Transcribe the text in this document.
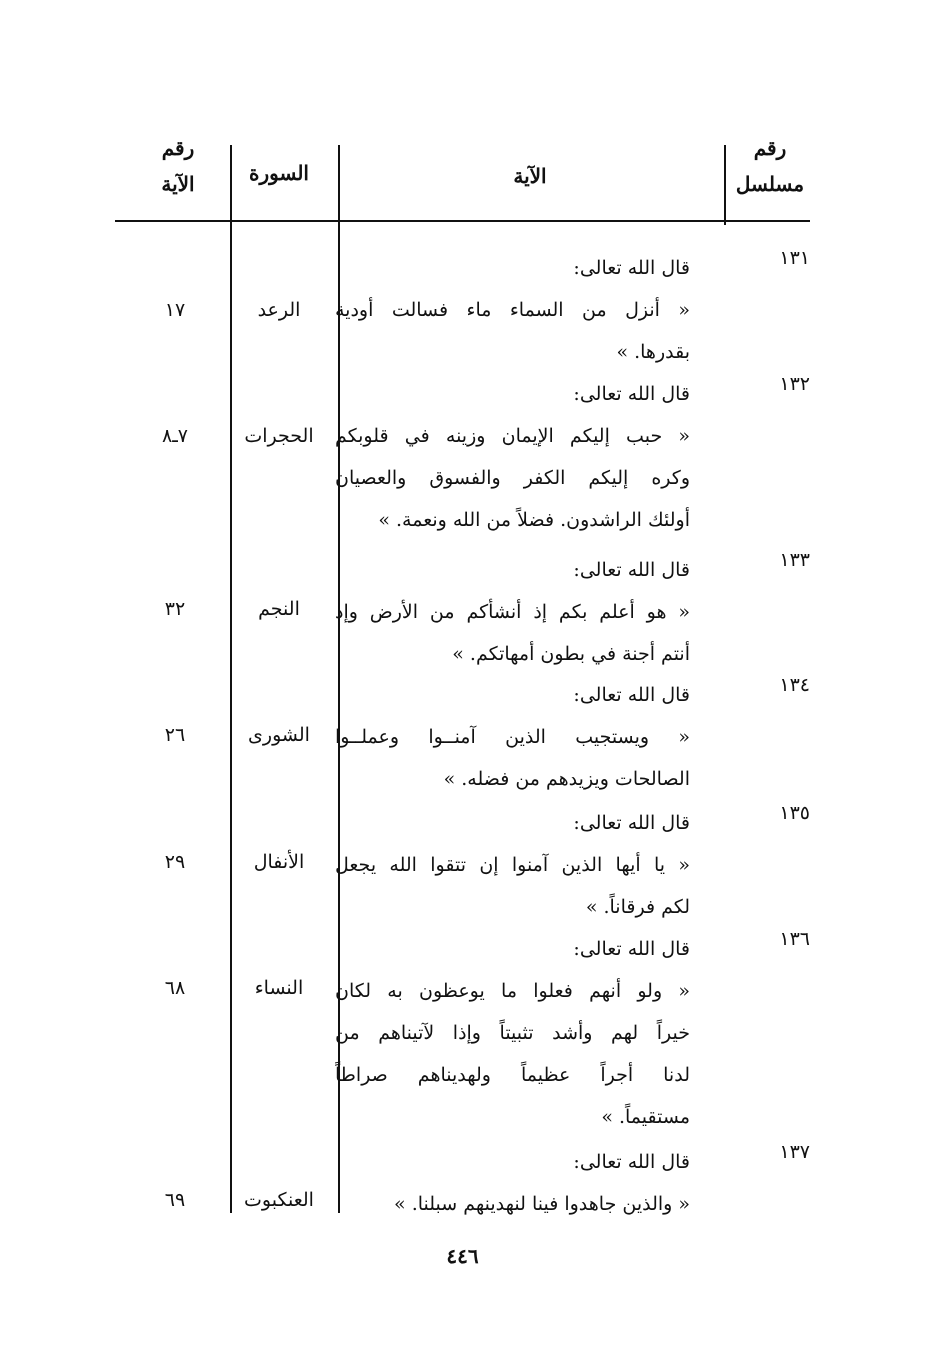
رقم
مسلسل
الآية
السورة
رقم
الآية
١٣١
قال الله تعالى:
« أنزل من السماء ماء فسالت أودية
بقدرها. »
الرعد
١٧
١٣٢
قال الله تعالى:
« حبب إليكم الإيمان وزينه في قلوبكم
وكره إليكم الكفر والفسوق والعصيان
أولئك الراشدون. فضلاً من الله ونعمة. »
الحجرات
٧ـ٨
١٣٣
قال الله تعالى:
« هو أعلم بكم إذ أنشأكم من الأرض وإذ
أنتم أجنة في بطون أمهاتكم. »
النجم
٣٢
١٣٤
قال الله تعالى:
« ويستجيب الذين آمنــوا وعملــوا
الصالحات ويزيدهم من فضله. »
الشورى
٢٦
١٣٥
قال الله تعالى:
« يا أيها الذين آمنوا إن تتقوا الله يجعل
لكم فرقاناً. »
الأنفال
٢٩
١٣٦
قال الله تعالى:
« ولو أنهم فعلوا ما يوعظون به لكان
خيراً لهم وأشد تثبيتاً وإذا لآتيناهم من
لدنا أجراً عظيماً ولهديناهم صراطاً
مستقيماً. »
النساء
٦٨
١٣٧
قال الله تعالى:
« والذين جاهدوا فينا لنهدينهم سبلنا. »
العنكبوت
٦٩
٤٤٦
